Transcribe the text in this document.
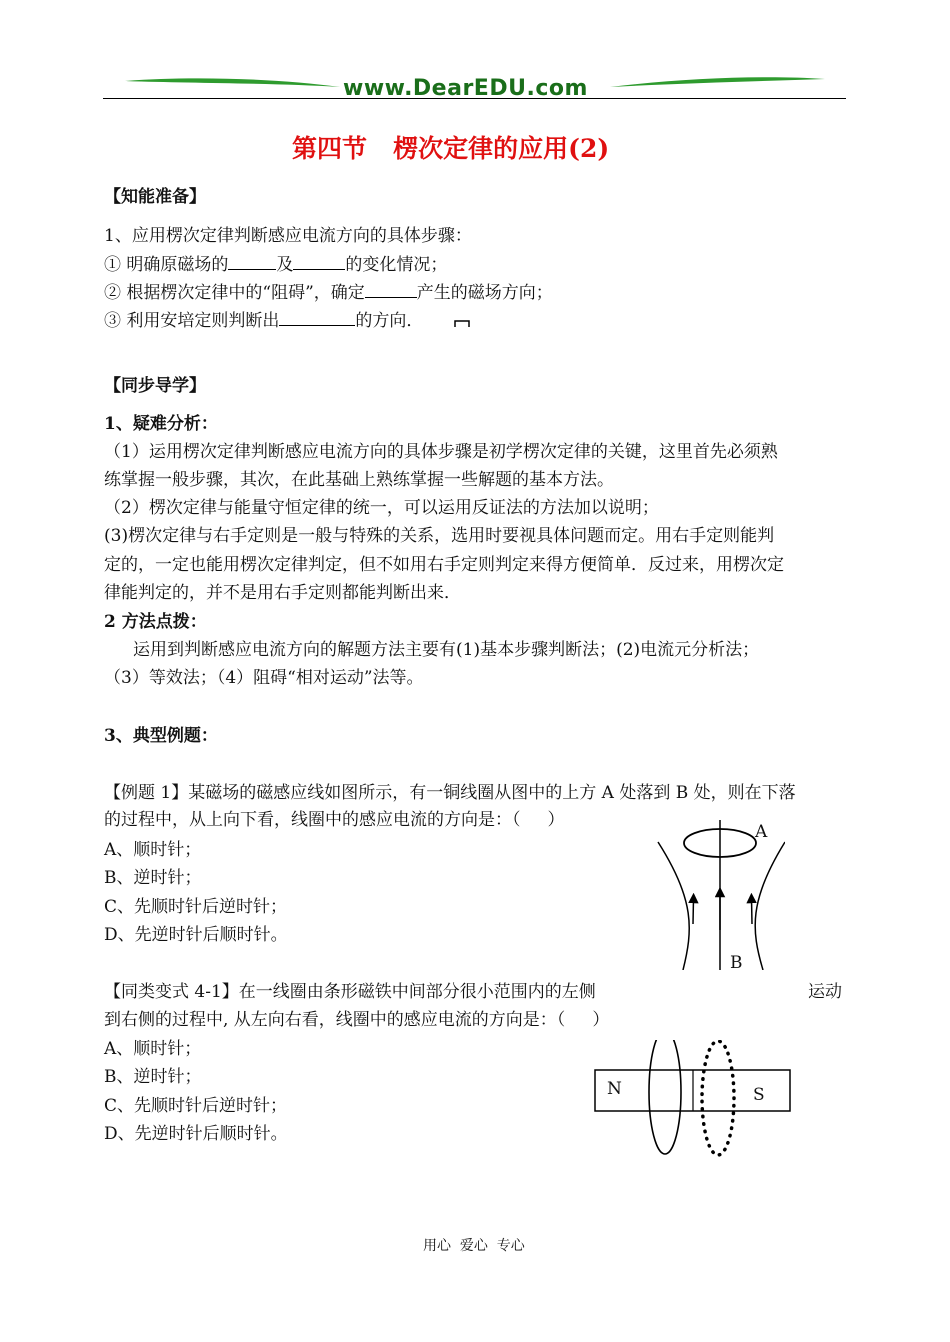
www.DearEDU.com
第四节   楞次定律的应用(2)
【知能准备】
1、应用楞次定律判断感应电流方向的具体步骤：
① 明确原磁场的	及	的变化情况；
② 根据楞次定律中的“阻碍”，确定	产生的磁场方向；
③ 利用安培定则判断出	的方向．
【同步导学】
1、疑难分析：
（1）运用楞次定律判断感应电流方向的具体步骤是初学楞次定律的关键，这里首先必须熟
练掌握一般步骤，其次，在此基础上熟练掌握一些解题的基本方法。
（2）楞次定律与能量守恒定律的统一，可以运用反证法的方法加以说明；
(3)楞次定律与右手定则是一般与特殊的关系，选用时要视具体问题而定。用右手定则能判
定的，一定也能用楞次定律判定，但不如用右手定则判定来得方便简单．反过来，用楞次定
律能判定的，并不是用右手定则都能判断出来．
2 方法点拨：
运用到判断感应电流方向的解题方法主要有(1)基本步骤判断法；(2)电流元分析法；
（3）等效法；（4）阻碍“相对运动”法等。
3、典型例题：
【例题 1】某磁场的磁感应线如图所示，有一铜线圈从图中的上方 A 处落到 B 处，则在下落
的过程中，从上向下看，线圈中的感应电流的方向是：（     ）
A、顺时针；
B、逆时针；
C、先顺时针后逆时针；
D、先逆时针后顺时针。
A
B
【同类变式 4-1】在一线圈由条形磁铁中间部分很小范围内的左侧	运动
到右侧的过程中, 从左向右看，线圈中的感应电流的方向是：（     ）
A、顺时针；
B、逆时针；
C、先顺时针后逆时针；
D、先逆时针后顺时针。
N	S
用心  爱心  专心
